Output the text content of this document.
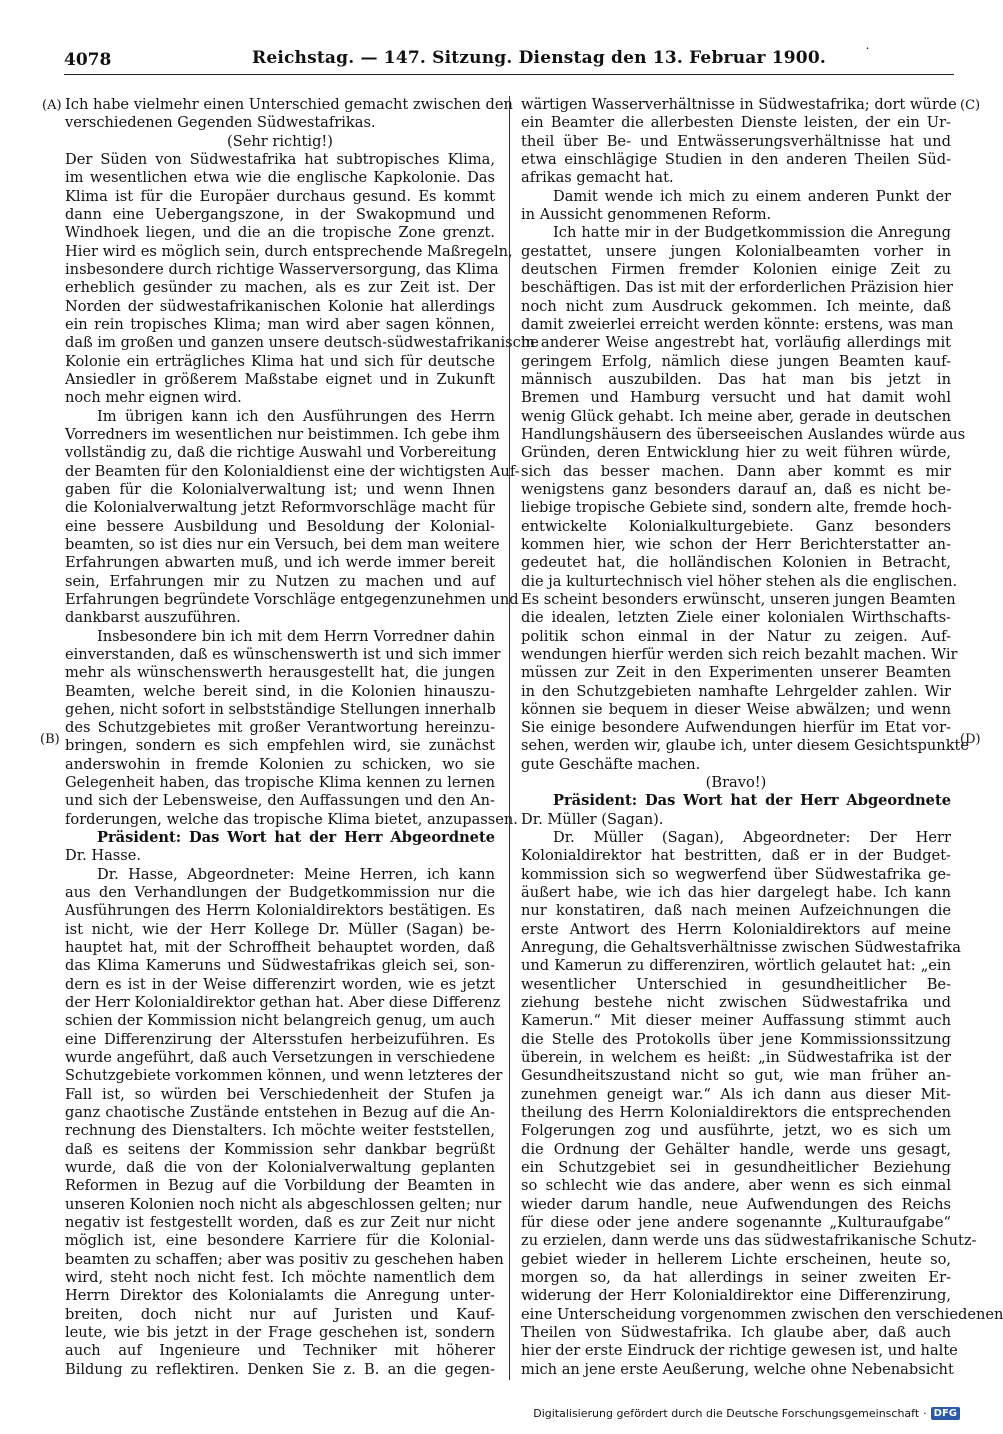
4078	Reichstag. — 147. Sitzung. Dienstag den 13. Februar 1900.	˙
(A)
(B)
(C)
(D)
Ich habe vielmehr einen Unterschied gemacht zwischen den
verschiedenen Gegenden Südwestafrikas.
(Sehr richtig!)
Der Süden von Südwestafrika hat subtropisches Klima,
im wesentlichen etwa wie die englische Kapkolonie. Das
Klima ist für die Europäer durchaus gesund. Es kommt
dann eine Uebergangszone, in der Swakopmund und
Windhoek liegen, und die an die tropische Zone grenzt.
Hier wird es möglich sein, durch entsprechende Maßregeln,
insbesondere durch richtige Wasserversorgung, das Klima
erheblich gesünder zu machen, als es zur Zeit ist. Der
Norden der südwestafrikanischen Kolonie hat allerdings
ein rein tropisches Klima; man wird aber sagen können,
daß im großen und ganzen unsere deutsch-südwestafrikanische
Kolonie ein erträgliches Klima hat und sich für deutsche
Ansiedler in größerem Maßstabe eignet und in Zukunft
noch mehr eignen wird.
Im übrigen kann ich den Ausführungen des Herrn
Vorredners im wesentlichen nur beistimmen. Ich gebe ihm
vollständig zu, daß die richtige Auswahl und Vorbereitung
der Beamten für den Kolonialdienst eine der wichtigsten Auf-
gaben für die Kolonialverwaltung ist; und wenn Ihnen
die Kolonialverwaltung jetzt Reformvorschläge macht für
eine bessere Ausbildung und Besoldung der Kolonial-
beamten, so ist dies nur ein Versuch, bei dem man weitere
Erfahrungen abwarten muß, und ich werde immer bereit
sein, Erfahrungen mir zu Nutzen zu machen und auf
Erfahrungen begründete Vorschläge entgegenzunehmen und
dankbarst auszuführen.
Insbesondere bin ich mit dem Herrn Vorredner dahin
einverstanden, daß es wünschenswerth ist und sich immer
mehr als wünschenswerth herausgestellt hat, die jungen
Beamten, welche bereit sind, in die Kolonien hinauszu-
gehen, nicht sofort in selbstständige Stellungen innerhalb
des Schutzgebietes mit großer Verantwortung hereinzu-
bringen, sondern es sich empfehlen wird, sie zunächst
anderswohin in fremde Kolonien zu schicken, wo sie
Gelegenheit haben, das tropische Klima kennen zu lernen
und sich der Lebensweise, den Auffassungen und den An-
forderungen, welche das tropische Klima bietet, anzupassen.
Präsident: Das Wort hat der Herr Abgeordnete
Dr. Hasse.
Dr. Hasse, Abgeordneter: Meine Herren, ich kann
aus den Verhandlungen der Budgetkommission nur die
Ausführungen des Herrn Kolonialdirektors bestätigen. Es
ist nicht, wie der Herr Kollege Dr. Müller (Sagan) be-
hauptet hat, mit der Schroffheit behauptet worden, daß
das Klima Kameruns und Südwestafrikas gleich sei, son-
dern es ist in der Weise differenzirt worden, wie es jetzt
der Herr Kolonialdirektor gethan hat. Aber diese Differenz
schien der Kommission nicht belangreich genug, um auch
eine Differenzirung der Altersstufen herbeizuführen. Es
wurde angeführt, daß auch Versetzungen in verschiedene
Schutzgebiete vorkommen können, und wenn letzteres der
Fall ist, so würden bei Verschiedenheit der Stufen ja
ganz chaotische Zustände entstehen in Bezug auf die An-
rechnung des Dienstalters. Ich möchte weiter feststellen,
daß es seitens der Kommission sehr dankbar begrüßt
wurde, daß die von der Kolonialverwaltung geplanten
Reformen in Bezug auf die Vorbildung der Beamten in
unseren Kolonien noch nicht als abgeschlossen gelten; nur
negativ ist festgestellt worden, daß es zur Zeit nur nicht
möglich ist, eine besondere Karriere für die Kolonial-
beamten zu schaffen; aber was positiv zu geschehen haben
wird, steht noch nicht fest. Ich möchte namentlich dem
Herrn Direktor des Kolonialamts die Anregung unter-
breiten, doch nicht nur auf Juristen und Kauf-
leute, wie bis jetzt in der Frage geschehen ist, sondern
auch auf Ingenieure und Techniker mit höherer
Bildung zu reflektiren. Denken Sie z. B. an die gegen-
wärtigen Wasserverhältnisse in Südwestafrika; dort würde
ein Beamter die allerbesten Dienste leisten, der ein Ur-
theil über Be- und Entwässerungsverhältnisse hat und
etwa einschlägige Studien in den anderen Theilen Süd-
afrikas gemacht hat.
Damit wende ich mich zu einem anderen Punkt der
in Aussicht genommenen Reform.
Ich hatte mir in der Budgetkommission die Anregung
gestattet, unsere jungen Kolonialbeamten vorher in
deutschen Firmen fremder Kolonien einige Zeit zu
beschäftigen. Das ist mit der erforderlichen Präzision hier
noch nicht zum Ausdruck gekommen. Ich meinte, daß
damit zweierlei erreicht werden könnte: erstens, was man
in anderer Weise angestrebt hat, vorläufig allerdings mit
geringem Erfolg, nämlich diese jungen Beamten kauf-
männisch auszubilden. Das hat man bis jetzt in
Bremen und Hamburg versucht und hat damit wohl
wenig Glück gehabt. Ich meine aber, gerade in deutschen
Handlungshäusern des überseeischen Auslandes würde aus
Gründen, deren Entwicklung hier zu weit führen würde,
sich das besser machen. Dann aber kommt es mir
wenigstens ganz besonders darauf an, daß es nicht be-
liebige tropische Gebiete sind, sondern alte, fremde hoch-
entwickelte Kolonialkulturgebiete. Ganz besonders
kommen hier, wie schon der Herr Berichterstatter an-
gedeutet hat, die holländischen Kolonien in Betracht,
die ja kulturtechnisch viel höher stehen als die englischen.
Es scheint besonders erwünscht, unseren jungen Beamten
die idealen, letzten Ziele einer kolonialen Wirthschafts-
politik schon einmal in der Natur zu zeigen. Auf-
wendungen hierfür werden sich reich bezahlt machen. Wir
müssen zur Zeit in den Experimenten unserer Beamten
in den Schutzgebieten namhafte Lehrgelder zahlen. Wir
können sie bequem in dieser Weise abwälzen; und wenn
Sie einige besondere Aufwendungen hierfür im Etat vor-
sehen, werden wir, glaube ich, unter diesem Gesichtspunkte
gute Geschäfte machen.
(Bravo!)
Präsident: Das Wort hat der Herr Abgeordnete
Dr. Müller (Sagan).
Dr. Müller (Sagan), Abgeordneter: Der Herr
Kolonialdirektor hat bestritten, daß er in der Budget-
kommission sich so wegwerfend über Südwestafrika ge-
äußert habe, wie ich das hier dargelegt habe. Ich kann
nur konstatiren, daß nach meinen Aufzeichnungen die
erste Antwort des Herrn Kolonialdirektors auf meine
Anregung, die Gehaltsverhältnisse zwischen Südwestafrika
und Kamerun zu differenziren, wörtlich gelautet hat: „ein
wesentlicher Unterschied in gesundheitlicher Be-
ziehung bestehe nicht zwischen Südwestafrika und
Kamerun.“ Mit dieser meiner Auffassung stimmt auch
die Stelle des Protokolls über jene Kommissionssitzung
überein, in welchem es heißt: „in Südwestafrika ist der
Gesundheitszustand nicht so gut, wie man früher an-
zunehmen geneigt war.“ Als ich dann aus dieser Mit-
theilung des Herrn Kolonialdirektors die entsprechenden
Folgerungen zog und ausführte, jetzt, wo es sich um
die Ordnung der Gehälter handle, werde uns gesagt,
ein Schutzgebiet sei in gesundheitlicher Beziehung
so schlecht wie das andere, aber wenn es sich einmal
wieder darum handle, neue Aufwendungen des Reichs
für diese oder jene andere sogenannte „Kulturaufgabe“
zu erzielen, dann werde uns das südwestafrikanische Schutz-
gebiet wieder in hellerem Lichte erscheinen, heute so,
morgen so, da hat allerdings in seiner zweiten Er-
widerung der Herr Kolonialdirektor eine Differenzirung,
eine Unterscheidung vorgenommen zwischen den verschiedenen
Theilen von Südwestafrika. Ich glaube aber, daß auch
hier der erste Eindruck der richtige gewesen ist, und halte
mich an jene erste Aeußerung, welche ohne Nebenabsicht
Digitalisierung gefördert durch die Deutsche Forschungsgemeinschaft · DFG
